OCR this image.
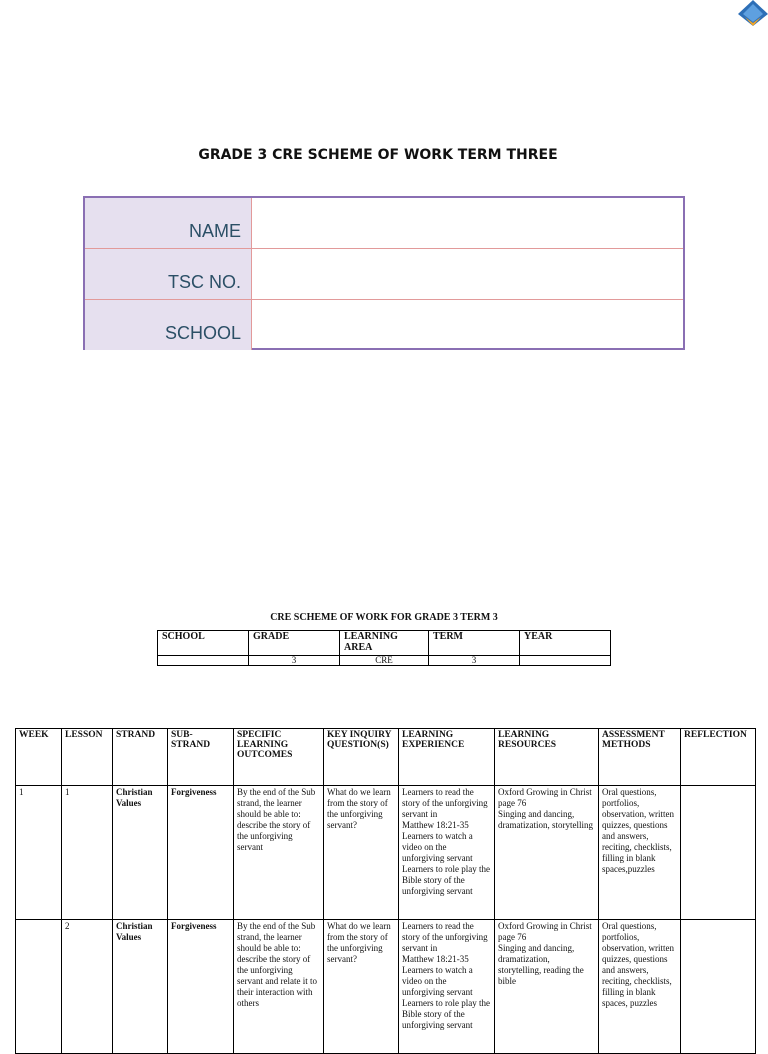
GRADE 3 CRE SCHEME OF WORK TERM THREE
NAME
TSC NO.
SCHOOL
CRE SCHEME OF WORK FOR GRADE 3 TERM 3
SCHOOL	GRADE	LEARNING AREA	TERM	YEAR
	3	CRE	3	
WEEK	LESSON	STRAND	SUB-STRAND	SPECIFIC LEARNING OUTCOMES	KEY INQUIRY QUESTION(S)	LEARNING EXPERIENCE	LEARNING RESOURCES	ASSESSMENT METHODS	REFLECTION
1	1	Christian Values	Forgiveness	By the end of the Sub strand, the learner should be able to:
describe the story of the unforgiving servant	What do we learn
from the story of the unforgiving servant?	Learners to read the story of the unforgiving servant in
Matthew 18:21-35
Learners to watch a video on the unforgiving servant
Learners to role play the Bible story of the unforgiving servant	Oxford Growing in Christ page 76
Singing and dancing, dramatization, storytelling	Oral questions, portfolios, observation, written quizzes, questions and answers, reciting, checklists, filling in blank spaces,puzzles	
	2	Christian Values	Forgiveness	By the end of the Sub strand, the learner should be able to:
describe the story of the unforgiving servant and relate it to their interaction with others	What do we learn from the story of the unforgiving servant?	Learners to read the story of the unforgiving servant in
Matthew 18:21-35
Learners to watch a video on the unforgiving servant
Learners to role play the Bible story of the unforgiving servant	Oxford Growing in Christ page 76
Singing and dancing, dramatization, storytelling, reading the bible	Oral questions, portfolios, observation, written quizzes, questions and answers, reciting, checklists, filling in blank spaces, puzzles	
